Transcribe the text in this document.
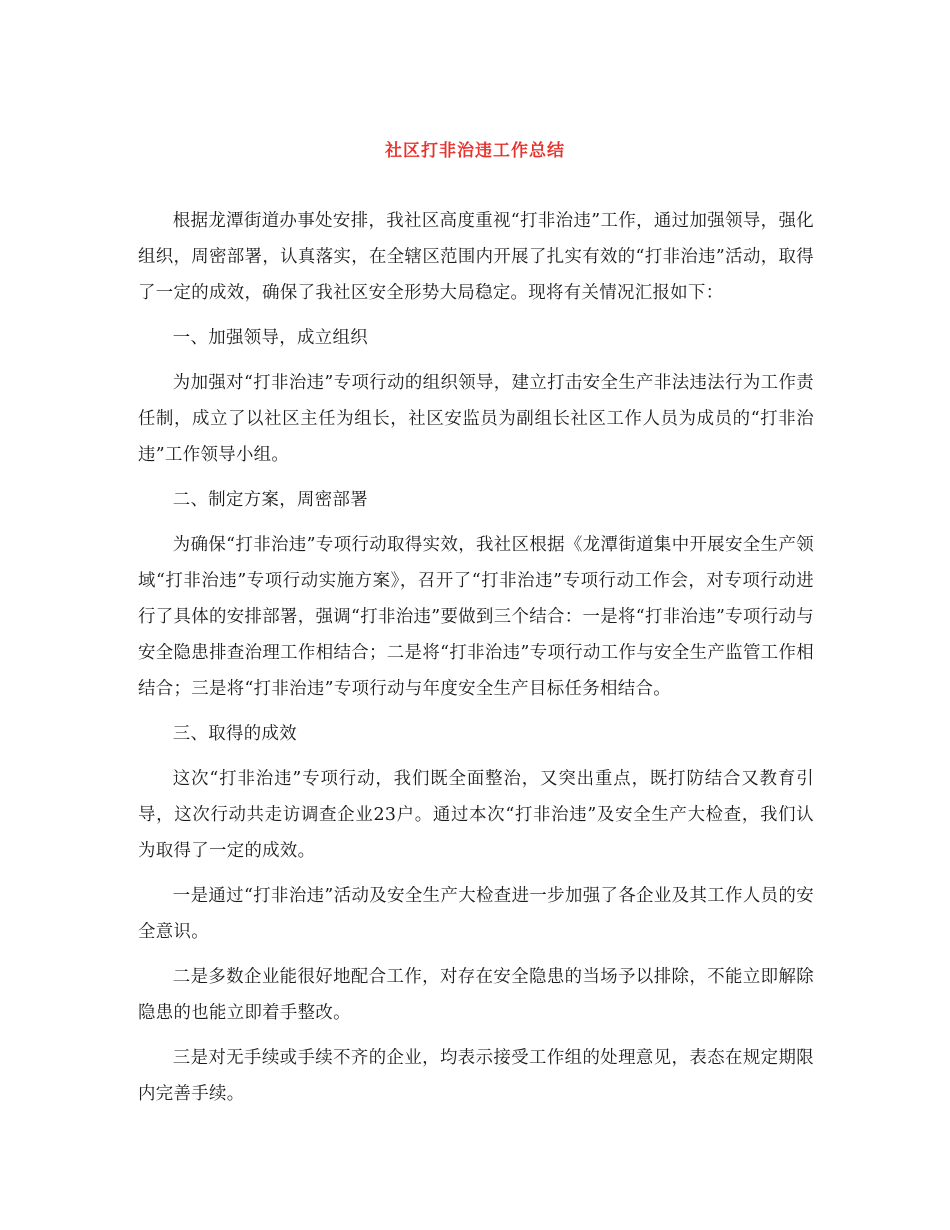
社区打非治违工作总结

根据龙潭街道办事处安排，我社区高度重视“打非治违”工作，通过加强领导，强化组织，周密部署，认真落实，在全辖区范围内开展了扎实有效的“打非治违”活动，取得了一定的成效，确保了我社区安全形势大局稳定。现将有关情况汇报如下：

一、加强领导，成立组织

为加强对“打非治违”专项行动的组织领导，建立打击安全生产非法违法行为工作责任制，成立了以社区主任为组长，社区安监员为副组长社区工作人员为成员的“打非治违”工作领导小组。

二、制定方案，周密部署

为确保“打非治违”专项行动取得实效，我社区根据《龙潭街道集中开展安全生产领域“打非治违”专项行动实施方案》，召开了“打非治违”专项行动工作会，对专项行动进行了具体的安排部署，强调“打非治违”要做到三个结合：一是将“打非治违”专项行动与安全隐患排查治理工作相结合；二是将“打非治违”专项行动工作与安全生产监管工作相结合；三是将“打非治违”专项行动与年度安全生产目标任务相结合。

三、取得的成效

这次“打非治违”专项行动，我们既全面整治，又突出重点，既打防结合又教育引导，这次行动共走访调查企业23户。通过本次“打非治违”及安全生产大检查，我们认为取得了一定的成效。

一是通过“打非治违”活动及安全生产大检查进一步加强了各企业及其工作人员的安全意识。

二是多数企业能很好地配合工作，对存在安全隐患的当场予以排除，不能立即解除隐患的也能立即着手整改。

三是对无手续或手续不齐的企业，均表示接受工作组的处理意见，表态在规定期限内完善手续。
